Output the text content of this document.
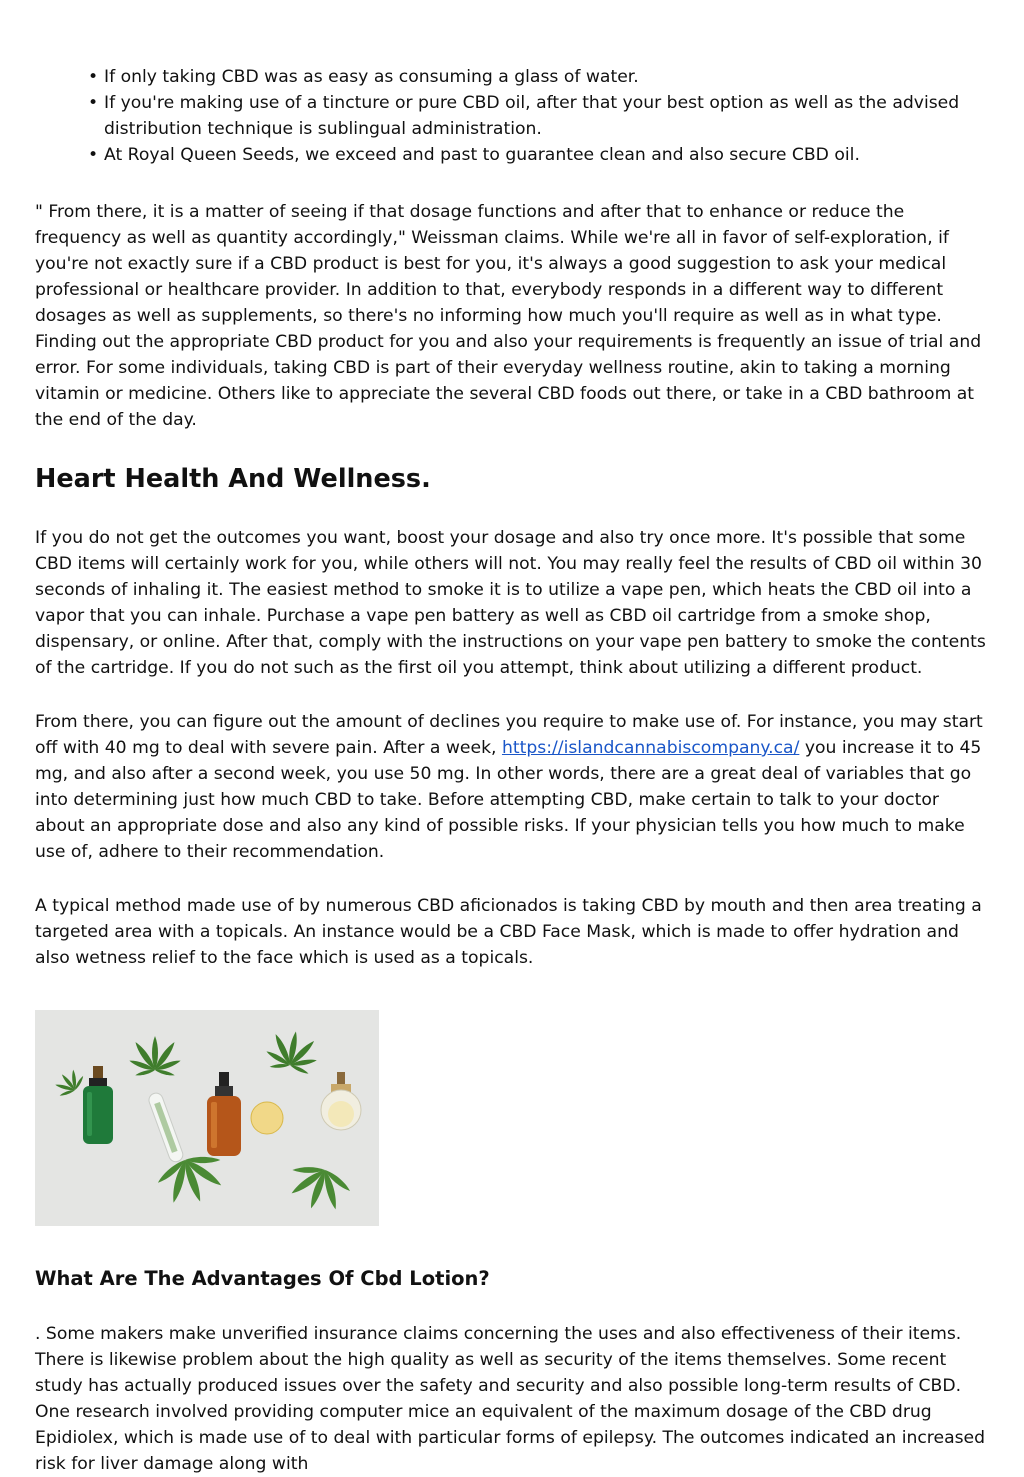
• If only taking CBD was as easy as consuming a glass of water.
• If you're making use of a tincture or pure CBD oil, after that your best option as well as the advised distribution technique is sublingual administration.
• At Royal Queen Seeds, we exceed and past to guarantee clean and also secure CBD oil.

" From there, it is a matter of seeing if that dosage functions and after that to enhance or reduce the frequency as well as quantity accordingly," Weissman claims. While we're all in favor of self-exploration, if you're not exactly sure if a CBD product is best for you, it's always a good suggestion to ask your medical professional or healthcare provider. In addition to that, everybody responds in a different way to different dosages as well as supplements, so there's no informing how much you'll require as well as in what type. Finding out the appropriate CBD product for you and also your requirements is frequently an issue of trial and error. For some individuals, taking CBD is part of their everyday wellness routine, akin to taking a morning vitamin or medicine. Others like to appreciate the several CBD foods out there, or take in a CBD bathroom at the end of the day.

Heart Health And Wellness.

If you do not get the outcomes you want, boost your dosage and also try once more. It's possible that some CBD items will certainly work for you, while others will not. You may really feel the results of CBD oil within 30 seconds of inhaling it. The easiest method to smoke it is to utilize a vape pen, which heats the CBD oil into a vapor that you can inhale. Purchase a vape pen battery as well as CBD oil cartridge from a smoke shop, dispensary, or online. After that, comply with the instructions on your vape pen battery to smoke the contents of the cartridge. If you do not such as the first oil you attempt, think about utilizing a different product.

From there, you can figure out the amount of declines you require to make use of. For instance, you may start off with 40 mg to deal with severe pain. After a week, https://islandcannabiscompany.ca/ you increase it to 45 mg, and also after a second week, you use 50 mg. In other words, there are a great deal of variables that go into determining just how much CBD to take. Before attempting CBD, make certain to talk to your doctor about an appropriate dose and also any kind of possible risks. If your physician tells you how much to make use of, adhere to their recommendation.

A typical method made use of by numerous CBD aficionados is taking CBD by mouth and then area treating a targeted area with a topicals. An instance would be a CBD Face Mask, which is made to offer hydration and also wetness relief to the face which is used as a topicals.

What Are The Advantages Of Cbd Lotion?

. Some makers make unverified insurance claims concerning the uses and also effectiveness of their items. There is likewise problem about the high quality as well as security of the items themselves. Some recent study has actually produced issues over the safety and security and also possible long-term results of CBD. One research involved providing computer mice an equivalent of the maximum dosage of the CBD drug Epidiolex, which is made use of to deal with particular forms of epilepsy. The outcomes indicated an increased risk for liver damage along with
